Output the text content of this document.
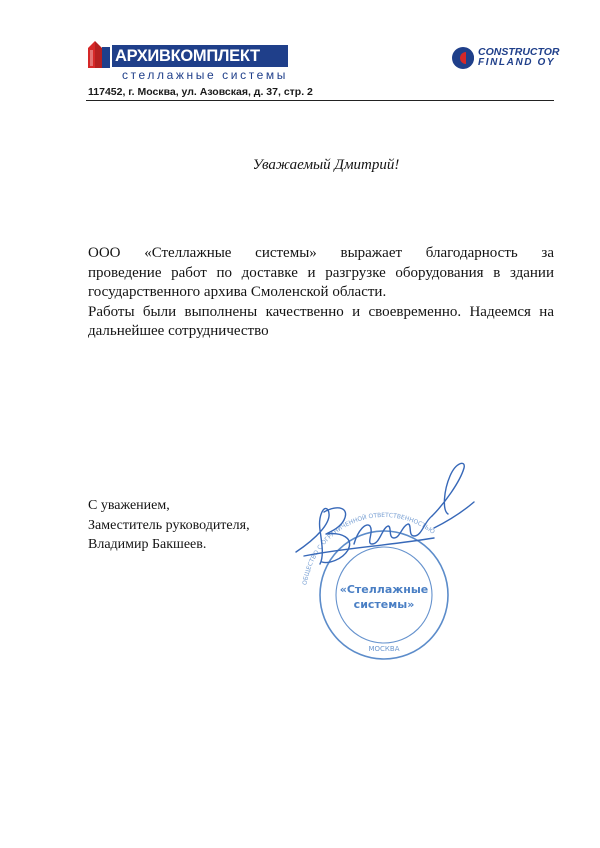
АРХИВКОМПЛЕКТ
стеллажные системы
CONSTRUCTOR
FINLAND OY
117452, г. Москва, ул. Азовская, д. 37, стр. 2
Уважаемый Дмитрий!

ООО «Стеллажные системы» выражает благодарность за

проведение работ по доставке и разгрузке оборудования в здании

государственного архива Смоленской области.

Работы были выполнены качественно и своевременно. Надеемся на

дальнейшее сотрудничество

С уважением,
Заместитель руководителя,
Владимир Бакшеев.
ОБЩЕСТВО С ОГРАНИЧЕННОЙ ОТВЕТСТВЕННОСТЬЮ
«Стеллажные
системы»
МОСКВА
